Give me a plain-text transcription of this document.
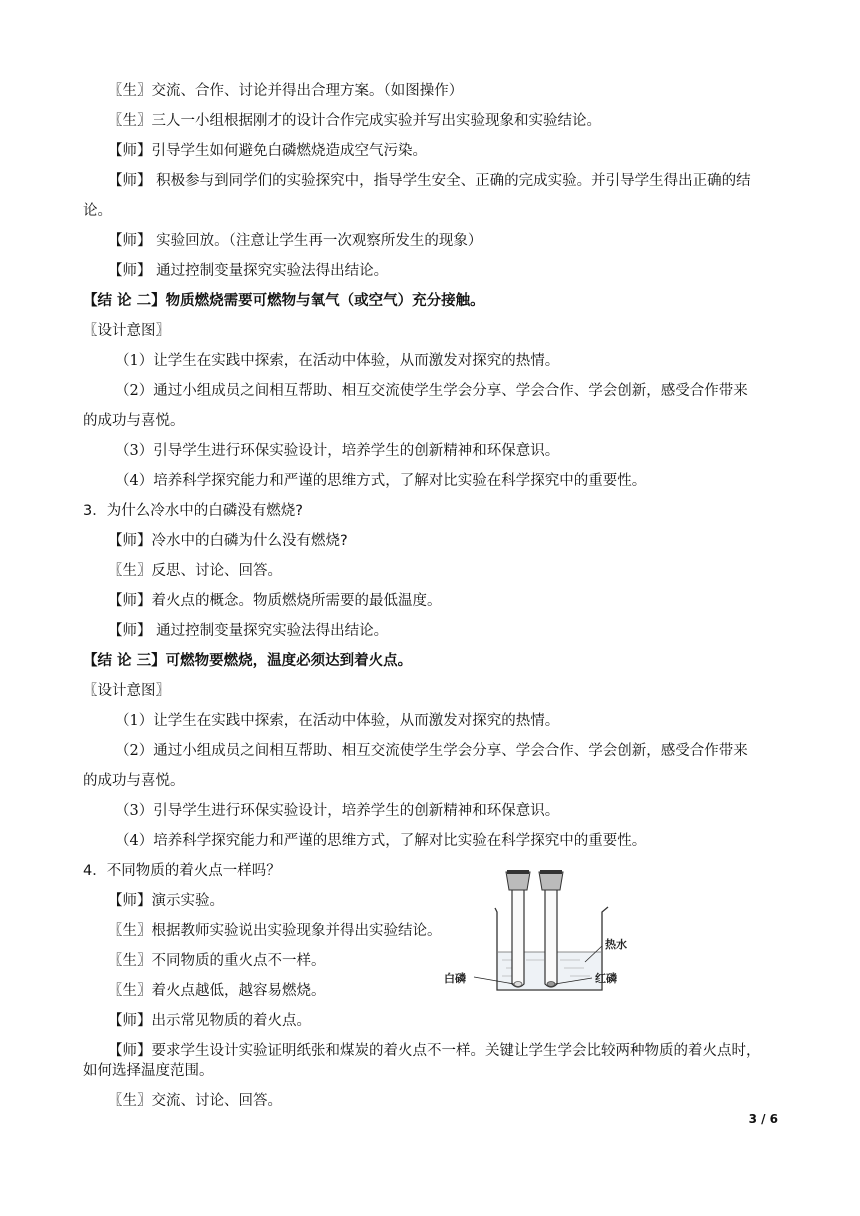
〖生〗交流、合作、讨论并得出合理方案。（如图操作）
〖生〗三人一小组根据刚才的设计合作完成实验并写出实验现象和实验结论。
【师】引导学生如何避免白磷燃烧造成空气污染。
【师】 积极参与到同学们的实验探究中，指导学生安全、正确的完成实验。并引导学生得出正确的结
论。
【师】 实验回放。（注意让学生再一次观察所发生的现象）
【师】 通过控制变量探究实验法得出结论。
【结 论 二】物质燃烧需要可燃物与氧气（或空气）充分接触。
〖设计意图〗
（1）让学生在实践中探索，在活动中体验，从而激发对探究的热情。
（2）通过小组成员之间相互帮助、相互交流使学生学会分享、学会合作、学会创新，感受合作带来
的成功与喜悦。
（3）引导学生进行环保实验设计，培养学生的创新精神和环保意识。
（4）培养科学探究能力和严谨的思维方式，了解对比实验在科学探究中的重要性。
3．为什么冷水中的白磷没有燃烧?
【师】冷水中的白磷为什么没有燃烧?
〖生〗反思、讨论、回答。
【师】着火点的概念。物质燃烧所需要的最低温度。
【师】 通过控制变量探究实验法得出结论。
【结 论 三】可燃物要燃烧，温度必须达到着火点。
〖设计意图〗
（1）让学生在实践中探索，在活动中体验，从而激发对探究的热情。
（2）通过小组成员之间相互帮助、相互交流使学生学会分享、学会合作、学会创新，感受合作带来
的成功与喜悦。
（3）引导学生进行环保实验设计，培养学生的创新精神和环保意识。
（4）培养科学探究能力和严谨的思维方式，了解对比实验在科学探究中的重要性。
4．不同物质的着火点一样吗？
【师】演示实验。
〖生〗根据教师实验说出实验现象并得出实验结论。
〖生〗不同物质的重火点不一样。
〖生〗着火点越低，越容易燃烧。
【师】出示常见物质的着火点。
【师】要求学生设计实验证明纸张和煤炭的着火点不一样。关键让学生学会比较两种物质的着火点时，
如何选择温度范围。
〖生〗交流、讨论、回答。
热水
白磷	红磷
3 / 6
